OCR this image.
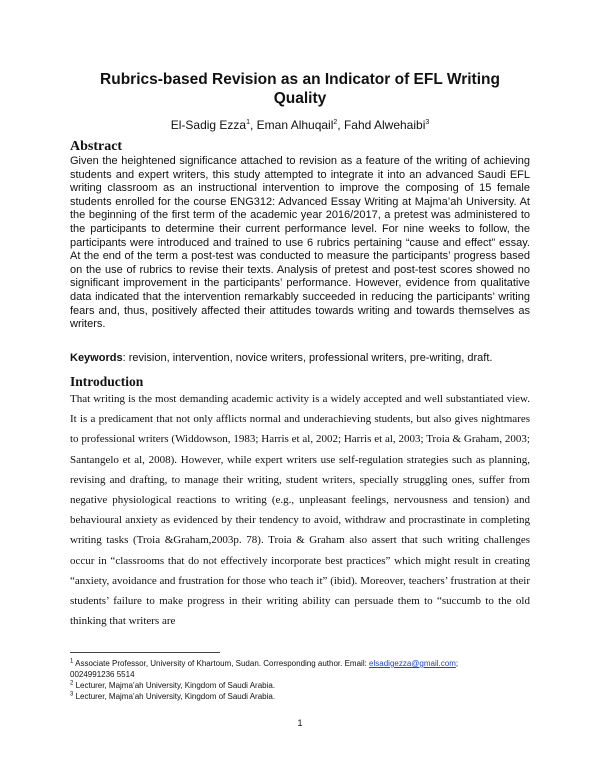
Rubrics-based Revision as an Indicator of EFL Writing
Quality
El-Sadig Ezza$^1$, Eman Alhuqail$^2$, Fahd Alwehaibi$^3$
Abstract
Given the heightened significance attached to revision as a feature of the writing of achieving students and expert writers, this study attempted to integrate it into an advanced Saudi EFL writing classroom as an instructional intervention to improve the composing of 15 female students enrolled for the course ENG312: Advanced Essay Writing at Majma’ah University. At the beginning of the first term of the academic year 2016/2017, a pretest was administered to the participants to determine their current performance level. For nine weeks to follow, the participants were introduced and trained to use 6 rubrics pertaining “cause and effect” essay. At the end of the term a post-test was conducted to measure the participants’ progress based on the use of rubrics to revise their texts. Analysis of pretest and post-test scores showed no significant improvement in the participants’ performance. However, evidence from qualitative data indicated that the intervention remarkably succeeded in reducing the participants’ writing fears and, thus, positively affected their attitudes towards writing and towards themselves as writers.
Keywords: revision, intervention, novice writers, professional writers, pre-writing, draft.
Introduction
That writing is the most demanding academic activity is a widely accepted and well substantiated view. It is a predicament that not only afflicts normal and underachieving students, but also gives nightmares to professional writers (Widdowson, 1983; Harris et al, 2002; Harris et al, 2003; Troia & Graham, 2003; Santangelo et al, 2008). However, while expert writers use self-regulation strategies such as planning, revising and drafting, to manage their writing, student writers, specially struggling ones, suffer from negative physiological reactions to writing (e.g., unpleasant feelings, nervousness and tension) and behavioural anxiety as evidenced by their tendency to avoid, withdraw and procrastinate in completing writing tasks (Troia &Graham,2003p. 78). Troia & Graham also assert that such writing challenges occur in “classrooms that do not effectively incorporate best practices” which might result in creating “anxiety, avoidance and frustration for those who teach it” (ibid). Moreover, teachers’ frustration at their students’ failure to make progress in their writing ability can persuade them to “succumb to the old thinking that writers are

$^1$ Associate Professor, University of Khartoum, Sudan. Corresponding author. Email: elsadigezza@gmail.com;
0024991236 5514

$^2$ Lecturer, Majma’ah University, Kingdom of Saudi Arabia.

$^3$ Lecturer, Majma’ah University, Kingdom of Saudi Arabia.

1
